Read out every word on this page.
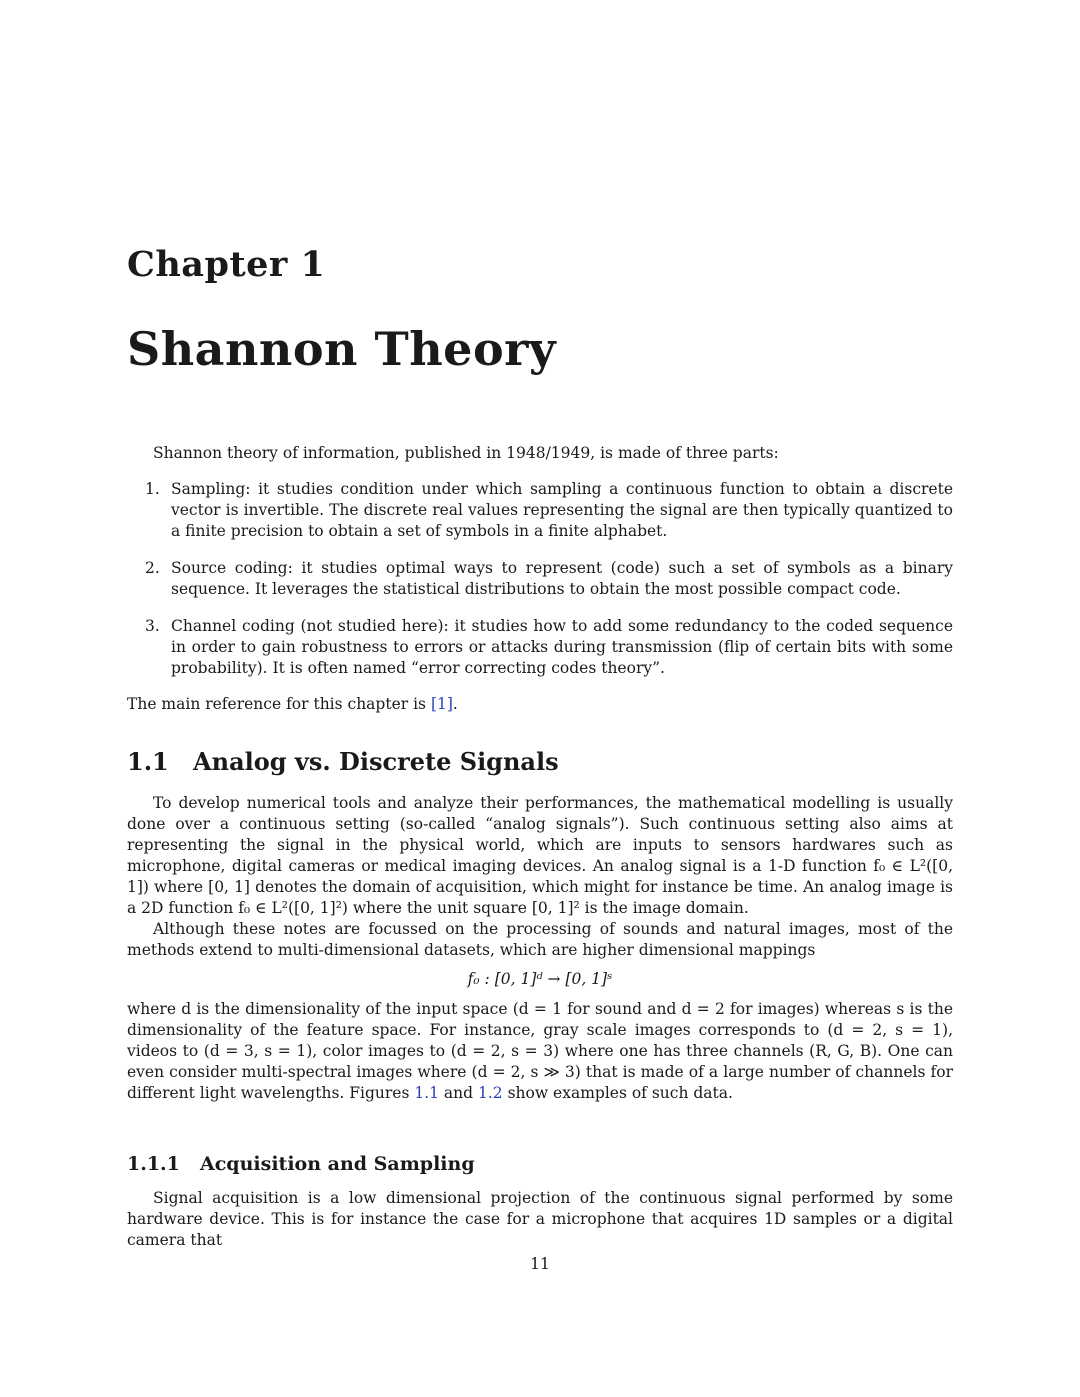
Chapter 1
Shannon Theory

Shannon theory of information, published in 1948/1949, is made of three parts:

1. Sampling: it studies condition under which sampling a continuous function to obtain a discrete vector is invertible. The discrete real values representing the signal are then typically quantized to a finite precision to obtain a set of symbols in a finite alphabet.
2. Source coding: it studies optimal ways to represent (code) such a set of symbols as a binary sequence. It leverages the statistical distributions to obtain the most possible compact code.
3. Channel coding (not studied here): it studies how to add some redundancy to the coded sequence in order to gain robustness to errors or attacks during transmission (flip of certain bits with some probability). It is often named “error correcting codes theory”.

The main reference for this chapter is [1].

1.1 Analog vs. Discrete Signals

To develop numerical tools and analyze their performances, the mathematical modelling is usually done over a continuous setting (so-called “analog signals”). Such continuous setting also aims at representing the signal in the physical world, which are inputs to sensors hardwares such as microphone, digital cameras or medical imaging devices. An analog signal is a 1-D function f₀ ∈ L²([0, 1]) where [0, 1] denotes the domain of acquisition, which might for instance be time. An analog image is a 2D function f₀ ∈ L²([0, 1]²) where the unit square [0, 1]² is the image domain.

Although these notes are focussed on the processing of sounds and natural images, most of the methods extend to multi-dimensional datasets, which are higher dimensional mappings

f₀ : [0, 1]ᵈ → [0, 1]ˢ

where d is the dimensionality of the input space (d = 1 for sound and d = 2 for images) whereas s is the dimensionality of the feature space. For instance, gray scale images corresponds to (d = 2, s = 1), videos to (d = 3, s = 1), color images to (d = 2, s = 3) where one has three channels (R, G, B). One can even consider multi-spectral images where (d = 2, s ≫ 3) that is made of a large number of channels for different light wavelengths. Figures 1.1 and 1.2 show examples of such data.

1.1.1 Acquisition and Sampling

Signal acquisition is a low dimensional projection of the continuous signal performed by some hardware device. This is for instance the case for a microphone that acquires 1D samples or a digital camera that

11
